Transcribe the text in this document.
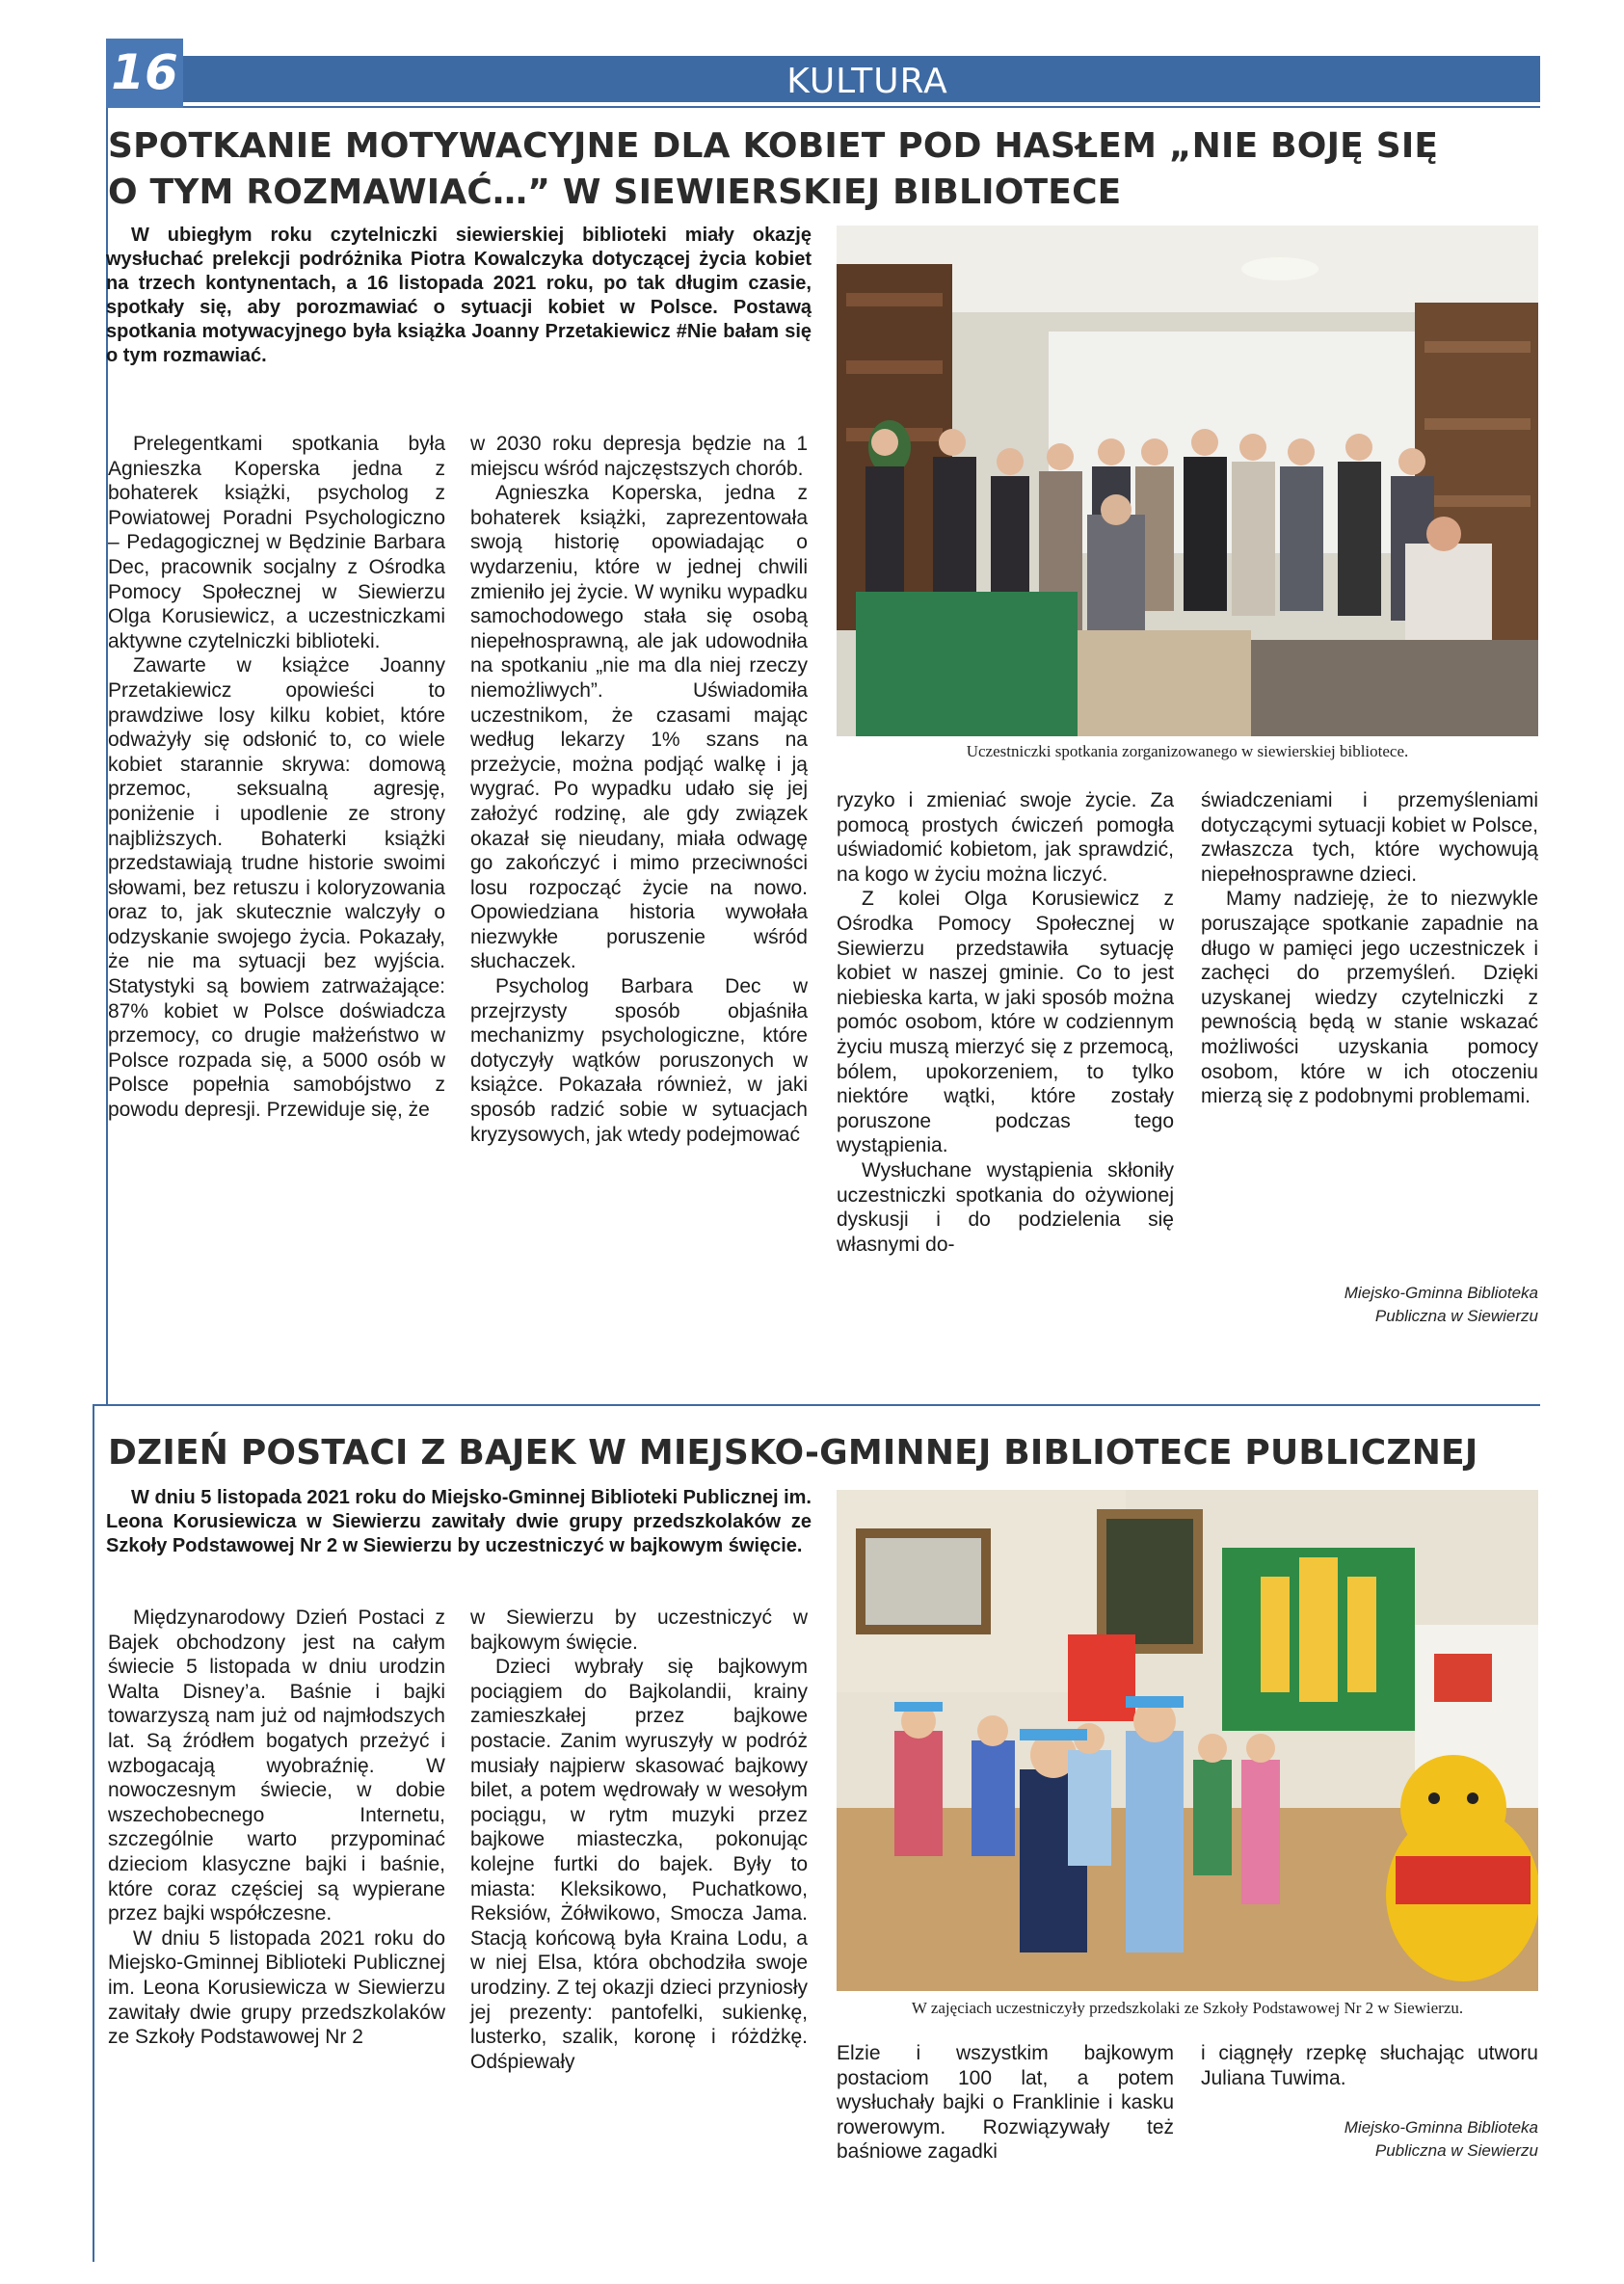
16	KULTURA
SPOTKANIE MOTYWACYJNE DLA KOBIET POD HASŁEM „NIE BOJĘ SIĘ
O TYM ROZMAWIAĆ…” W SIEWIERSKIEJ BIBLIOTECE
W ubiegłym roku czytelniczki siewierskiej biblioteki miały okazję wysłuchać prelekcji podróżnika Piotra Kowalczyka dotyczącej życia kobiet na trzech kontynentach, a 16 listopada 2021 roku, po tak długim czasie, spotkały się, aby porozmawiać o sytuacji kobiet w Polsce. Postawą spotkania motywacyjnego była książka Joanny Przetakiewicz #Nie bałam się o tym rozmawiać.
Uczestniczki spotkania zorganizowanego w siewierskiej bibliotece.

Prelegentkami spotkania była Agnieszka Koperska jedna z bohaterek książki, psycholog z Powiatowej Poradni Psychologiczno – Pedagogicznej w Będzinie Barbara Dec, pracownik socjalny z Ośrodka Pomocy Społecznej w Siewierzu Olga Korusiewicz, a uczestniczkami aktywne czytelniczki biblioteki.

Zawarte w książce Joanny Przetakiewicz opowieści to prawdziwe losy kilku kobiet, które odważyły się odsłonić to, co wiele kobiet starannie skrywa: domową przemoc, seksualną agresję, poniżenie i upodlenie ze strony najbliższych. Bohaterki książki przedstawiają trudne historie swoimi słowami, bez retuszu i koloryzowania oraz to, jak skutecznie walczyły o odzyskanie swojego życia. Pokazały, że nie ma sytuacji bez wyjścia. Statystyki są bowiem zatrważające: 87% kobiet w Polsce doświadcza przemocy, co drugie małżeństwo w Polsce rozpada się, a 5000 osób w Polsce popełnia samobójstwo z powodu depresji. Przewiduje się, że

w 2030 roku depresja będzie na 1 miejscu wśród najczęstszych chorób.

Agnieszka Koperska, jedna z bohaterek książki, zaprezentowała swoją historię opowiadając o wydarzeniu, które w jednej chwili zmieniło jej życie. W wyniku wypadku samochodowego stała się osobą niepełnosprawną, ale jak udowodniła na spotkaniu „nie ma dla niej rzeczy niemożliwych”. Uświadomiła uczestnikom, że czasami mając według lekarzy 1% szans na przeżycie, można podjąć walkę i ją wygrać. Po wypadku udało się jej założyć rodzinę, ale gdy związek okazał się nieudany, miała odwagę go zakończyć i mimo przeciwności losu rozpocząć życie na nowo. Opowiedziana historia wywołała niezwykłe poruszenie wśród słuchaczek.

Psycholog Barbara Dec w przejrzysty sposób objaśniła mechanizmy psychologiczne, które dotyczyły wątków poruszonych w książce. Pokazała również, w jaki sposób radzić sobie w sytuacjach kryzysowych, jak wtedy podejmować

ryzyko i zmieniać swoje życie. Za pomocą prostych ćwiczeń pomogła uświadomić kobietom, jak sprawdzić, na kogo w życiu można liczyć.

Z kolei Olga Korusiewicz z Ośrodka Pomocy Społecznej w Siewierzu przedstawiła sytuację kobiet w naszej gminie. Co to jest niebieska karta, w jaki sposób można pomóc osobom, które w codziennym życiu muszą mierzyć się z przemocą, bólem, upokorzeniem, to tylko niektóre wątki, które zostały poruszone podczas tego wystąpienia.

Wysłuchane wystąpienia skłoniły uczestniczki spotkania do ożywionej dyskusji i do podzielenia się własnymi do-

świadczeniami i przemyśleniami dotyczącymi sytuacji kobiet w Polsce, zwłaszcza tych, które wychowują niepełnosprawne dzieci.

Mamy nadzieję, że to niezwykle poruszające spotkanie zapadnie na długo w pamięci jego uczestniczek i zachęci do przemyśleń. Dzięki uzyskanej wiedzy czytelniczki z pewnością będą w stanie wskazać możliwości uzyskania pomocy osobom, które w ich otoczeniu mierzą się z podobnymi problemami.

Miejsko-Gminna Biblioteka
Publiczna w Siewierzu
DZIEŃ POSTACI Z BAJEK W MIEJSKO-GMINNEJ BIBLIOTECE PUBLICZNEJ
W dniu 5 listopada 2021 roku do Miejsko-Gminnej Biblioteki Publicznej im. Leona Korusiewicza w Siewierzu zawitały dwie grupy przedszkolaków ze Szkoły Podstawowej Nr 2 w Siewierzu by uczestniczyć w bajkowym święcie.
W zajęciach uczestniczyły przedszkolaki ze Szkoły Podstawowej Nr 2 w Siewierzu.

Międzynarodowy Dzień Postaci z Bajek obchodzony jest na całym świecie 5 listopada w dniu urodzin Walta Disney’a. Baśnie i bajki towarzyszą nam już od najmłodszych lat. Są źródłem bogatych przeżyć i wzbogacają wyobraźnię. W nowoczesnym świecie, w dobie wszechobecnego Internetu, szczególnie warto przypominać dzieciom klasyczne bajki i baśnie, które coraz częściej są wypierane przez bajki współczesne.

W dniu 5 listopada 2021 roku do Miejsko-Gminnej Biblioteki Publicznej im. Leona Korusiewicza w Siewierzu zawitały dwie grupy przedszkolaków ze Szkoły Podstawowej Nr 2

w Siewierzu by uczestniczyć w bajkowym święcie.

Dzieci wybrały się bajkowym pociągiem do Bajkolandii, krainy zamieszkałej przez bajkowe postacie. Zanim wyruszyły w podróż musiały najpierw skasować bajkowy bilet, a potem wędrowały w wesołym pociągu, w rytm muzyki przez bajkowe miasteczka, pokonując kolejne furtki do bajek. Były to miasta: Kleksikowo, Puchatkowo, Reksiów, Żółwikowo, Smocza Jama. Stacją końcową była Kraina Lodu, a w niej Elsa, która obchodziła swoje urodziny. Z tej okazji dzieci przyniosły jej prezenty: pantofelki, sukienkę, lusterko, szalik, koronę i różdżkę. Odśpiewały	Elzie i wszystkim bajkowym postaciom 100 lat, a potem wysłuchały bajki o Franklinie i kasku rowerowym. Rozwiązywały też baśniowe zagadki

i ciągnęły rzepkę słuchając utworu Juliana Tuwima.

Miejsko-Gminna Biblioteka
Publiczna w Siewierzu
